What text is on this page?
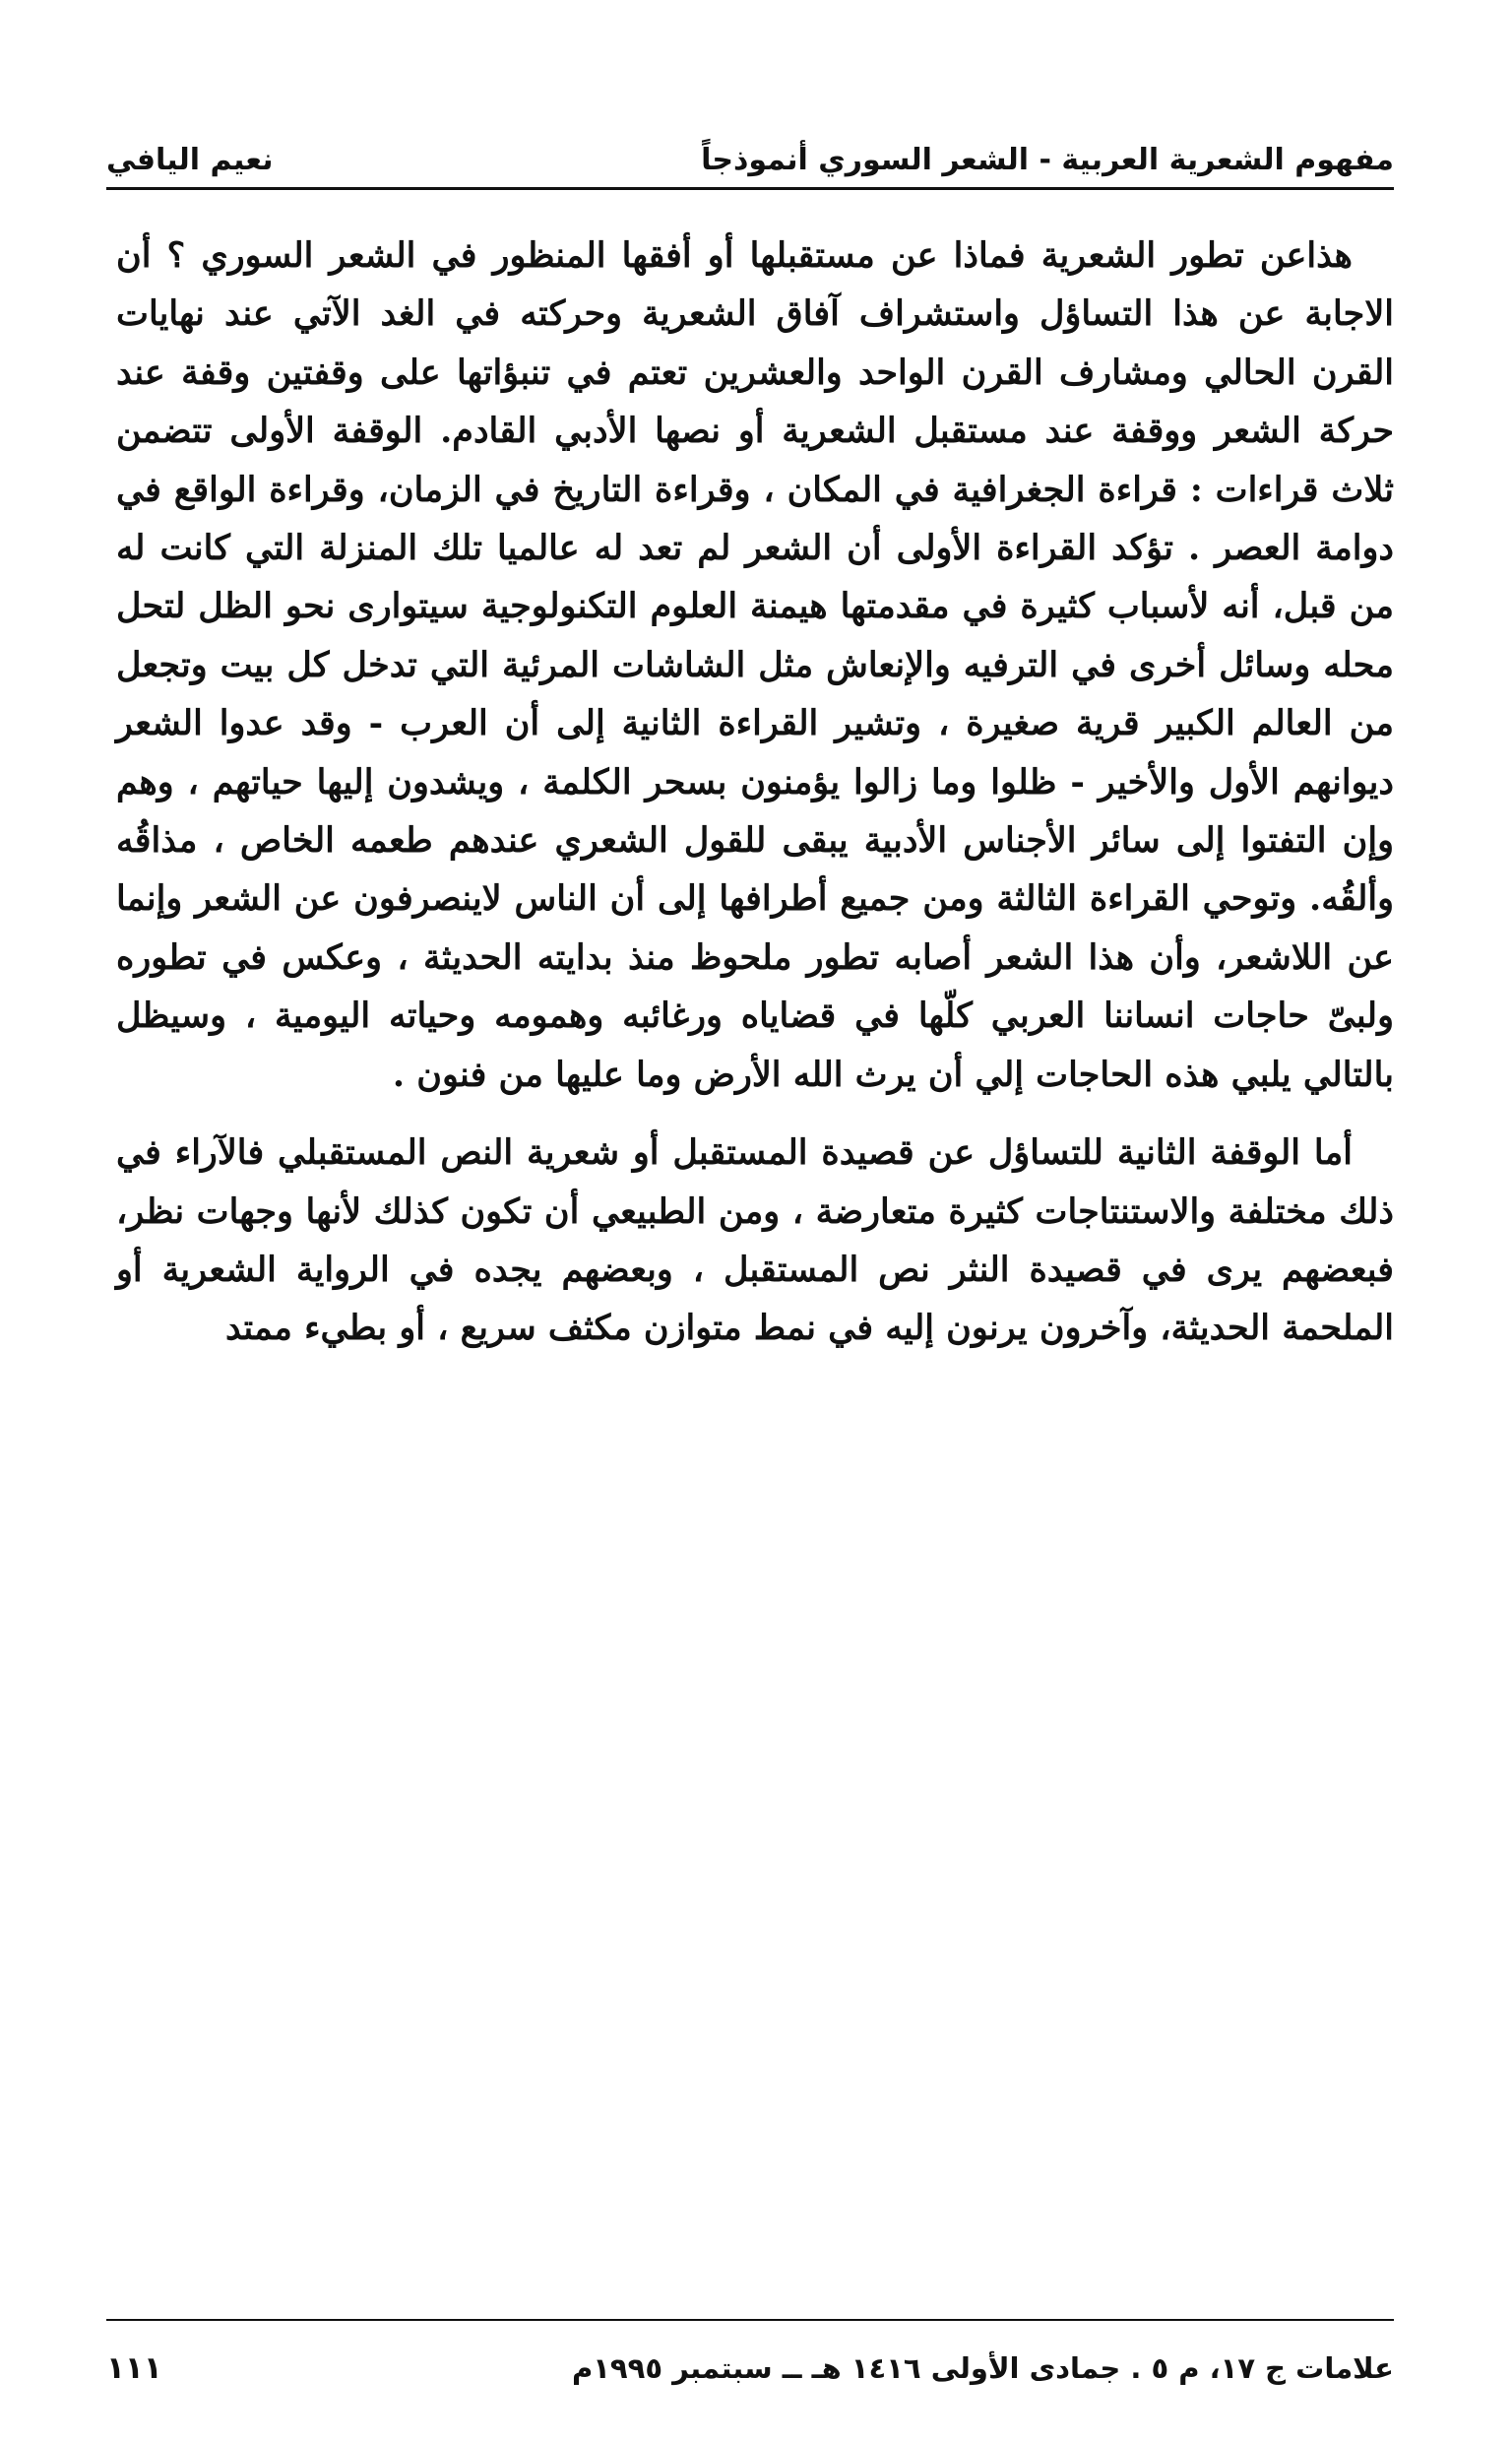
مفهوم الشعرية العربية - الشعر السوري أنموذجاً
نعيم اليافي

هذاعن تطور الشعرية فماذا عن مستقبلها أو أفقها المنظور في الشعر السوري ؟ أن الاجابة عن هذا التساؤل واستشراف آفاق الشعرية وحركته في الغد الآتي عند نهايات القرن الحالي ومشارف القرن الواحد والعشرين تعتم في تنبؤاتها على وقفتين وقفة عند حركة الشعر ووقفة عند مستقبل الشعرية أو نصها الأدبي القادم. الوقفة الأولى تتضمن ثلاث قراءات : قراءة الجغرافية في المكان ، وقراءة التاريخ في الزمان، وقراءة الواقع في دوامة العصر . تؤكد القراءة الأولى أن الشعر لم تعد له عالميا تلك المنزلة التي كانت له من قبل، أنه لأسباب كثيرة في مقدمتها هيمنة العلوم التكنولوجية سيتوارى نحو الظل لتحل محله وسائل أخرى في الترفيه والإنعاش مثل الشاشات المرئية التي تدخل كل بيت وتجعل من العالم الكبير قرية صغيرة ، وتشير القراءة الثانية إلى أن العرب - وقد عدوا الشعر ديوانهم الأول والأخير - ظلوا وما زالوا يؤمنون بسحر الكلمة ، ويشدون إليها حياتهم ، وهم وإن التفتوا إلى سائر الأجناس الأدبية يبقى للقول الشعري عندهم طعمه الخاص ، مذاقُه وألقُه. وتوحي القراءة الثالثة ومن جميع أطرافها إلى أن الناس لاينصرفون عن الشعر وإنما عن اللاشعر، وأن هذا الشعر أصابه تطور ملحوظ منذ بدايته الحديثة ، وعكس في تطوره ولبىّ حاجات انساننا العربي كلّها في قضاياه ورغائبه وهمومه وحياته اليومية ، وسيظل بالتالي يلبي هذه الحاجات إلي أن يرث الله الأرض وما عليها من فنون .

أما الوقفة الثانية للتساؤل عن قصيدة المستقبل أو شعرية النص المستقبلي فالآراء في ذلك مختلفة والاستنتاجات كثيرة متعارضة ، ومن الطبيعي أن تكون كذلك لأنها وجهات نظر، فبعضهم يرى في قصيدة النثر نص المستقبل ، وبعضهم يجده في الرواية الشعرية أو الملحمة الحديثة، وآخرون يرنون إليه في نمط متوازن مكثف سريع ، أو بطيء ممتد

علامات ج ١٧، م ٥ . جمادى الأولى ١٤١٦ هـ ــ سبتمبر ١٩٩٥م
١١١
